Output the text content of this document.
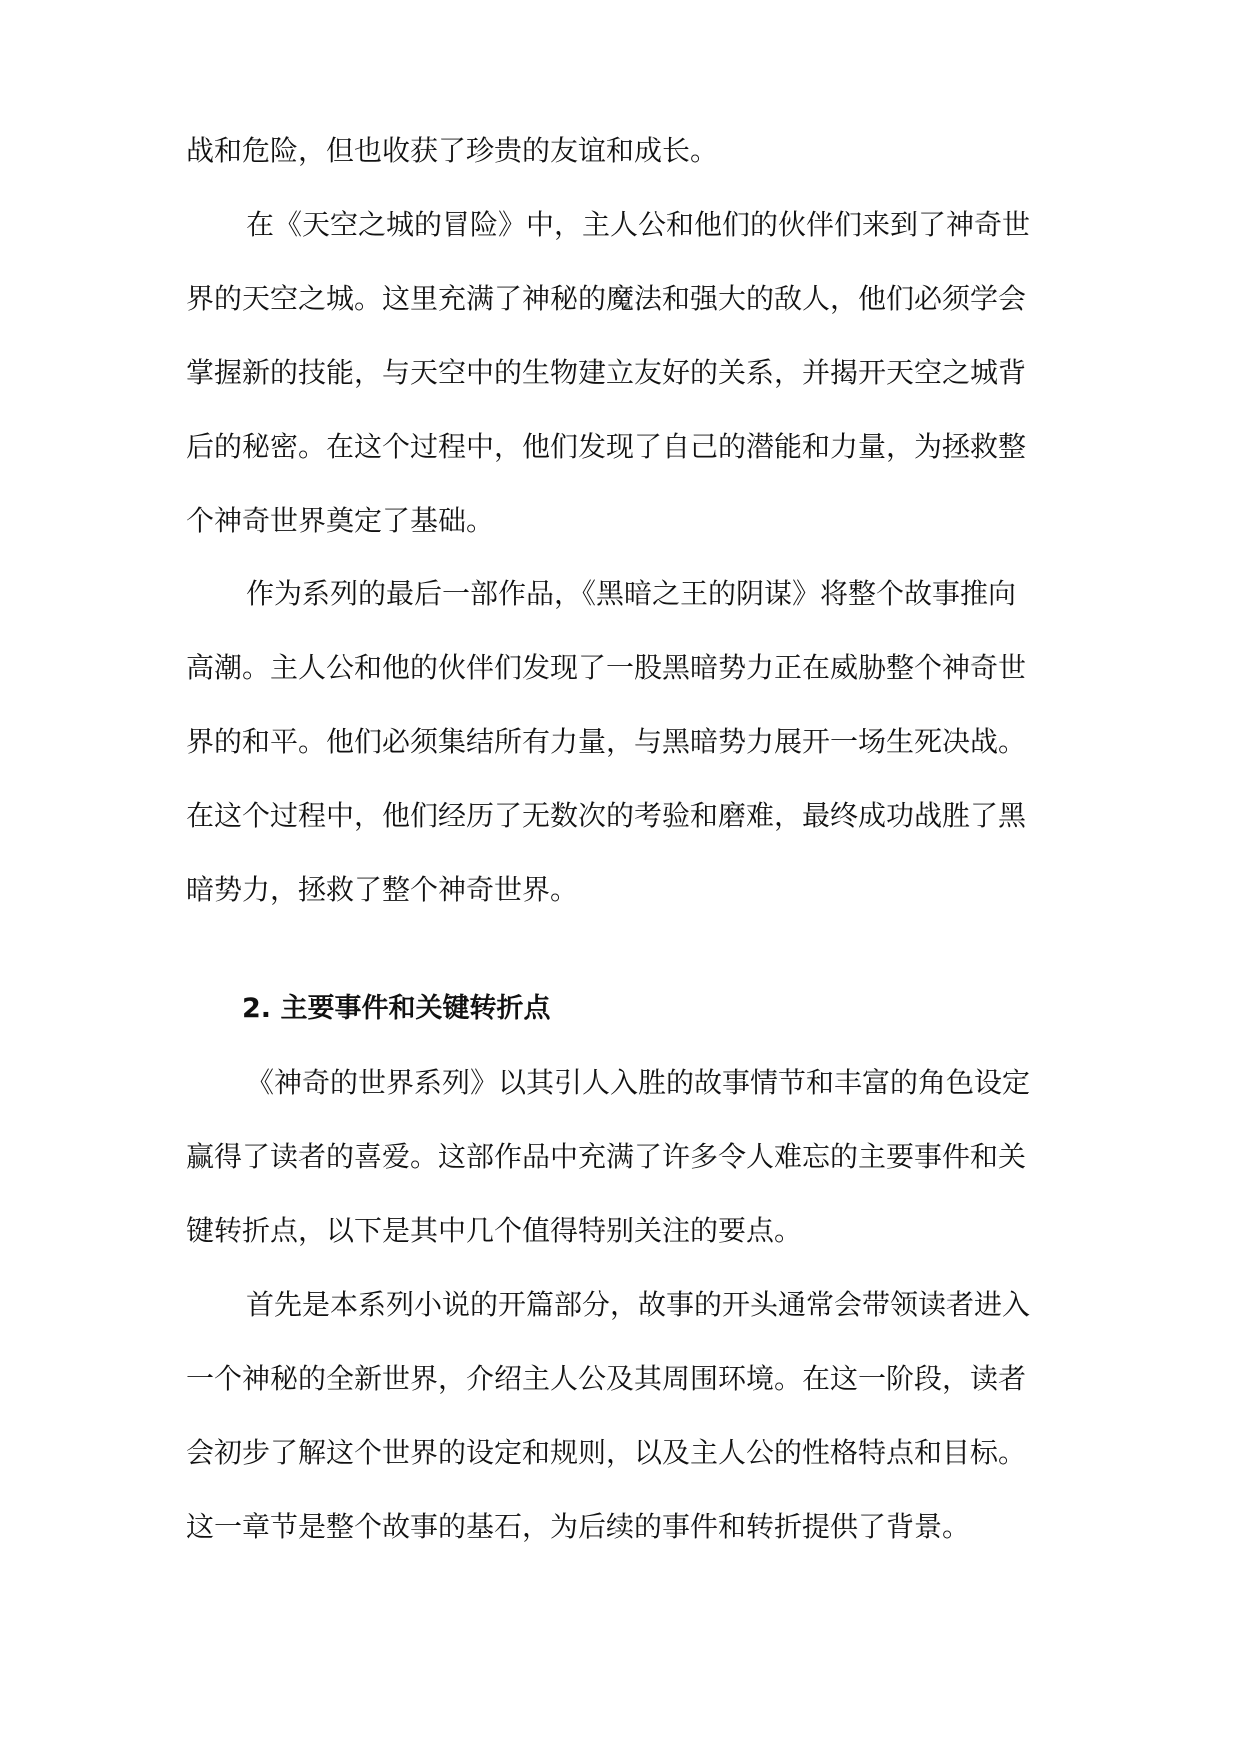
战和危险，但也收获了珍贵的友谊和成长。
在《天空之城的冒险》中，主人公和他们的伙伴们来到了神奇世
界的天空之城。这里充满了神秘的魔法和强大的敌人，他们必须学会
掌握新的技能，与天空中的生物建立友好的关系，并揭开天空之城背
后的秘密。在这个过程中，他们发现了自己的潜能和力量，为拯救整
个神奇世界奠定了基础。
作为系列的最后一部作品，《黑暗之王的阴谋》将整个故事推向
高潮。主人公和他的伙伴们发现了一股黑暗势力正在威胁整个神奇世
界的和平。他们必须集结所有力量，与黑暗势力展开一场生死决战。
在这个过程中，他们经历了无数次的考验和磨难，最终成功战胜了黑
暗势力，拯救了整个神奇世界。
2. 主要事件和关键转折点
《神奇的世界系列》以其引人入胜的故事情节和丰富的角色设定
赢得了读者的喜爱。这部作品中充满了许多令人难忘的主要事件和关
键转折点，以下是其中几个值得特别关注的要点。
首先是本系列小说的开篇部分，故事的开头通常会带领读者进入
一个神秘的全新世界，介绍主人公及其周围环境。在这一阶段，读者
会初步了解这个世界的设定和规则，以及主人公的性格特点和目标。
这一章节是整个故事的基石，为后续的事件和转折提供了背景。
